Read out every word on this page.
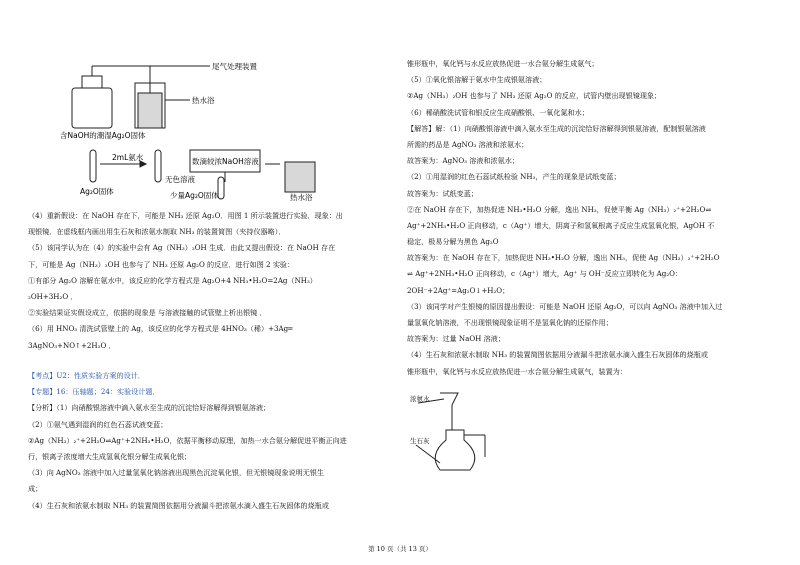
尾气处理装置
热水浴
含NaOH的潮湿Ag₂O固体
2mL氨水	数滴较浓NaOH溶液
无色溶液
Ag₂O固体	少量Ag₂O固体	热水浴
（4）重新假设：在 NaOH 存在下，可能是 NH₃ 还原 Ag₂O．用图 1 所示装置进行实验．现象：出
现银镜．在虚线框内画出用生石灰和浓氨水制取 NH₃ 的装置简图（夹持仪器略）．
（5）该同学认为在（4）的实验中会有 Ag（NH₃）₂OH 生成．由此又提出假设：在 NaOH 存在
下，可能是 Ag（NH₃）₂OH 也参与了 NH₃ 还原 Ag₂O 的反应．进行如图 2 实验：
①有部分 Ag₂O 溶解在氨水中，该反应的化学方程式是 Ag₂O+4 NH₃•H₂O=2Ag（NH₃）
₂OH+3H₂O ．
②实验结果证实假设成立，依据的现象是 与溶液接触的试管壁上析出银镜 ．
（6）用 HNO₃ 清洗试管壁上的 Ag，该反应的化学方程式是 4HNO₃（稀）+3Ag═
3AgNO₃+NO↑+2H₂O ．
【考点】U2：性质实验方案的设计．
【专题】16：压轴题；24：实验设计题．
【分析】（1）向硝酸银溶液中滴入氨水至生成的沉淀恰好溶解得到银氨溶液；
（2）①氨气遇到湿润的红色石蕊试液变蓝；
②Ag（NH₃）₂⁺+2H₂O⇌Ag⁺+2NH₃•H₂O，依据平衡移动原理，加热一水合氨分解促进平衡正向进
行，银离子浓度增大生成氢氧化银分解生成氧化银；
（3）向 AgNO₃ 溶液中加入过量氢氧化钠溶液出现黑色沉淀氧化银，但无银镜现象说明无银生
成；
（4）生石灰和浓氨水制取 NH₃ 的装置简图依据用分液漏斗把浓氨水滴入盛生石灰固体的烧瓶或
锥形瓶中，氧化钙与水反应放热促进一水合氨分解生成氨气；
（5）①氧化银溶解于氨水中生成银氨溶液；
②Ag（NH₃）₂OH 也参与了 NH₃ 还原 Ag₂O 的反应，试管内壁出现银镜现象；
（6）稀硝酸洗试管和银反应生成硝酸银、一氧化氮和水；
【解答】解：（1）向硝酸银溶液中滴入氨水至生成的沉淀恰好溶解得到银氨溶液，配制银氨溶液
所需的药品是 AgNO₃ 溶液和浓氨水；
故答案为：AgNO₃ 溶液和浓氨水；
（2）①用湿润的红色石蕊试纸检验 NH₃，产生的现象是试纸变蓝；
故答案为：试纸变蓝；
②在 NaOH 存在下，加热促进 NH₃•H₂O 分解，逸出 NH₃，促使平衡 Ag（NH₃）₂⁺+2H₂O⇌
Ag⁺+2NH₃•H₂O 正向移动，c（Ag⁺）增大，阴离子和氢氧根离子反应生成氢氧化银，AgOH 不
稳定，极易分解为黑色 Ag₂O
故答案为：在 NaOH 存在下，加热促进 NH₃•H₂O 分解，逸出 NH₃，促使 Ag（NH₃）₂⁺+2H₂O
⇌ Ag⁺+2NH₃•H₂O 正向移动，c（Ag⁺）增大，Ag⁺ 与 OH⁻反应立即转化为 Ag₂O：
2OH⁻+2Ag⁺=Ag₂O↓+H₂O；
（3）该同学对产生银镜的原因提出假设：可能是 NaOH 还原 Ag₂O，可以向 AgNO₃ 溶液中加入过
量氢氧化钠溶液，不出现银镜现象证明不是氢氧化钠的还原作用；
故答案为：过量 NaOH 溶液；
（4）生石灰和浓氨水制取 NH₃ 的装置简图依据用分液漏斗把浓氨水滴入盛生石灰固体的烧瓶或
锥形瓶中，氧化钙与水反应放热促进一水合氨分解生成氨气，装置为：
浓氨水
生石灰
第 10 页（共 13 页）
